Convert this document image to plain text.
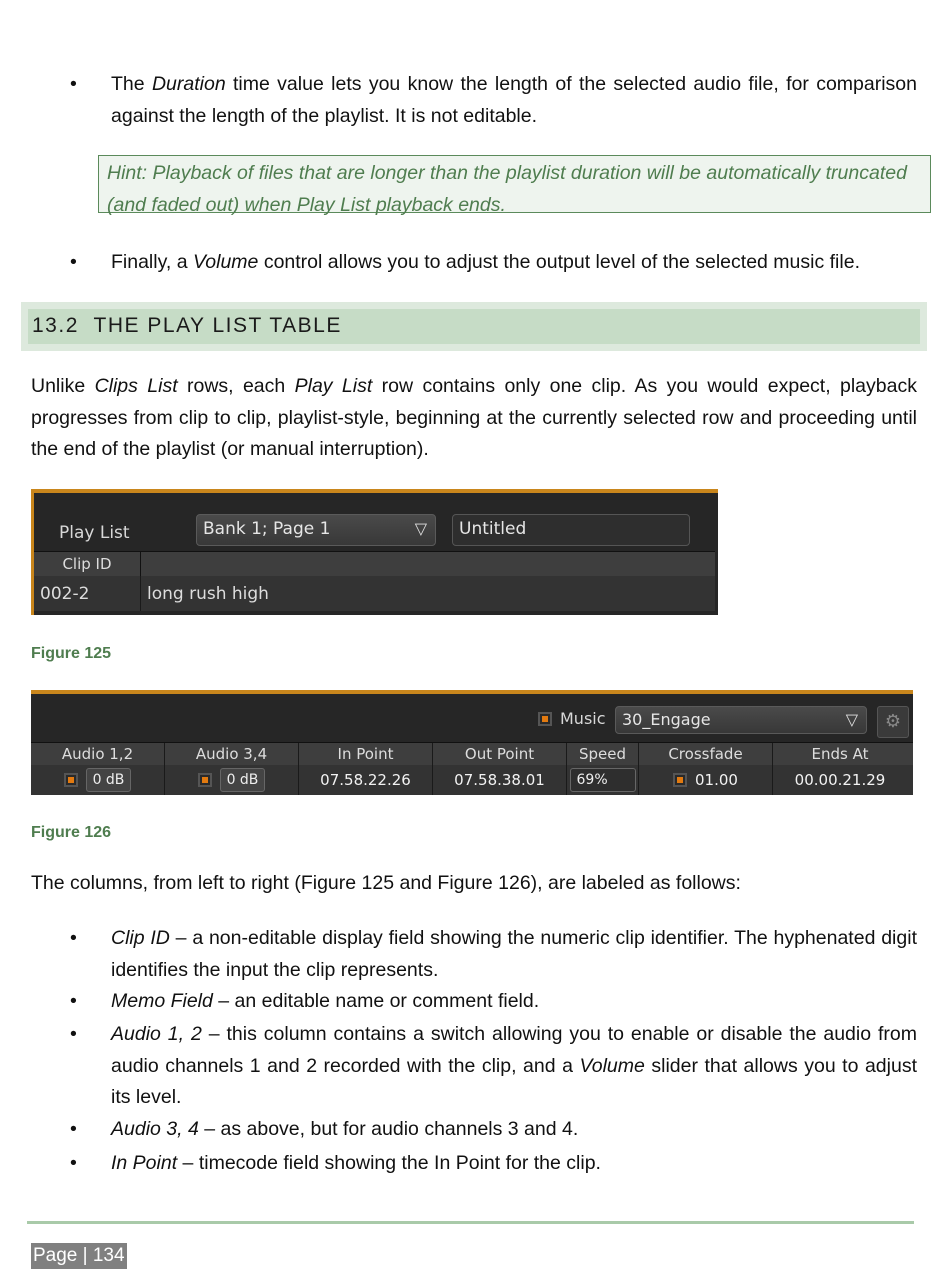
•	The Duration time value lets you know the length of the selected audio file, for comparison against the length of the playlist. It is not editable.
Hint: Playback of files that are longer than the playlist duration will be automatically truncated (and faded out) when Play List playback ends.
•	Finally, a Volume control allows you to adjust the output level of the selected music file.
13.2 THE PLAY LIST TABLE

Unlike Clips List rows, each Play List row contains only one clip. As you would expect, playback progresses from clip to clip, playlist-style, beginning at the currently selected row and proceeding until the end of the playlist (or manual interruption).

Play List	Bank 1; Page 1	▽	Untitled
Clip ID
002-2	long rush high
Figure 125
Music	30_Engage	▽	⚙
Audio 1,2	Audio 3,4	In Point	Out Point	Speed	Crossfade	Ends At
0 dB	0 dB	07.58.22.26	07.58.38.01	69%	01.00	00.00.21.29
Figure 126

The columns, from left to right (Figure 125 and Figure 126), are labeled as follows:

•	Clip ID – a non-editable display field showing the numeric clip identifier. The hyphenated digit identifies the input the clip represents.
•	Memo Field – an editable name or comment field.
•	Audio 1, 2 – this column contains a switch allowing you to enable or disable the audio from audio channels 1 and 2 recorded with the clip, and a Volume slider that allows you to adjust its level.
•	Audio 3, 4 – as above, but for audio channels 3 and 4.
•	In Point – timecode field showing the In Point for the clip.
Page | 134
